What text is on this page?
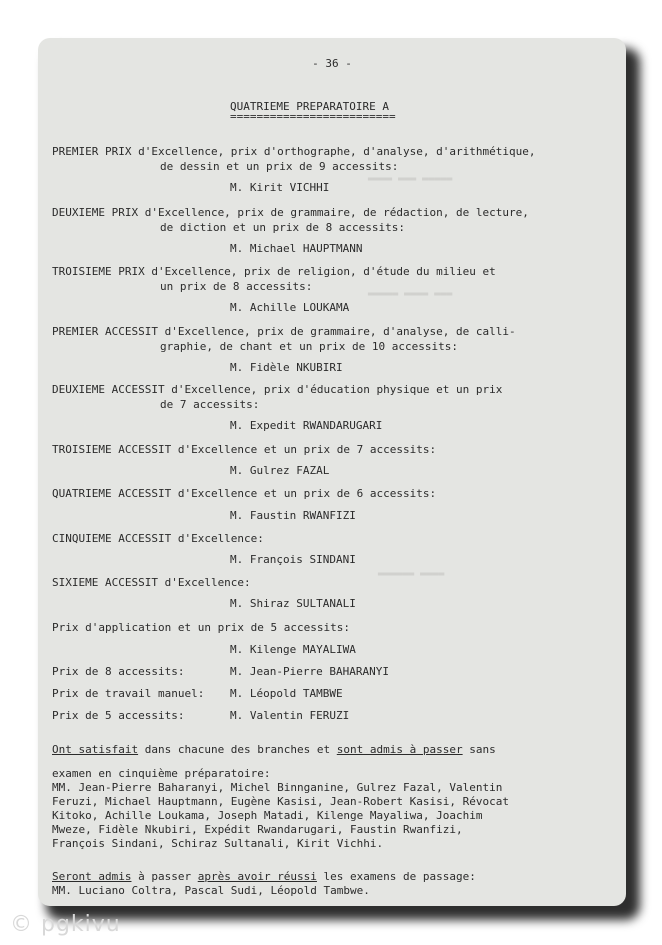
▂▂▂▂ ▂▂▂ ▂▂▂▂▂
▂▂▂▂▂ ▂▂▂▂ ▂▂▂
▂▂▂▂▂▂ ▂▂▂▂
- 36 -
QUATRIEME PREPARATOIRE A
=========================
PREMIER PRIX d'Excellence, prix d'orthographe, d'analyse, d'arithmétique,
de dessin et un prix de 9 accessits:
M. Kirit VICHHI
DEUXIEME PRIX d'Excellence, prix de grammaire, de rédaction, de lecture,
de diction et un prix de 8 accessits:
M. Michael HAUPTMANN
TROISIEME PRIX d'Excellence, prix de religion, d'étude du milieu et
un prix de 8 accessits:
M. Achille LOUKAMA
PREMIER ACCESSIT d'Excellence, prix de grammaire, d'analyse, de calli-
graphie, de chant et un prix de 10 accessits:
M. Fidèle NKUBIRI
DEUXIEME ACCESSIT d'Excellence, prix d'éducation physique et un prix
de 7 accessits:
M. Expedit RWANDARUGARI
TROISIEME ACCESSIT d'Excellence et un prix de 7 accessits:
M. Gulrez FAZAL
QUATRIEME ACCESSIT d'Excellence et un prix de 6 accessits:
M. Faustin RWANFIZI
CINQUIEME ACCESSIT d'Excellence:
M. François SINDANI
SIXIEME ACCESSIT d'Excellence:
M. Shiraz SULTANALI
Prix d'application et un prix de 5 accessits:
M. Kilenge MAYALIWA
Prix de 8 accessits:	M. Jean-Pierre BAHARANYI
Prix de travail manuel: M. Léopold TAMBWE
Prix de 5 accessits:	M. Valentin FERUZI
Ont satisfait dans chacune des branches et sont admis à passer sans
examen en cinquième préparatoire:
MM. Jean-Pierre Baharanyi, Michel Binnganine, Gulrez Fazal, Valentin
Feruzi, Michael Hauptmann, Eugène Kasisi, Jean-Robert Kasisi, Révocat
Kitoko, Achille Loukama, Joseph Matadi, Kilenge Mayaliwa, Joachim
Mweze, Fidèle Nkubiri, Expédit Rwandarugari, Faustin Rwanfizi,
François Sindani, Schiraz Sultanali, Kirit Vichhi.
Seront admis à passer après avoir réussi les examens de passage:
MM. Luciano Coltra, Pascal Sudi, Léopold Tambwe.
© pgkivu
